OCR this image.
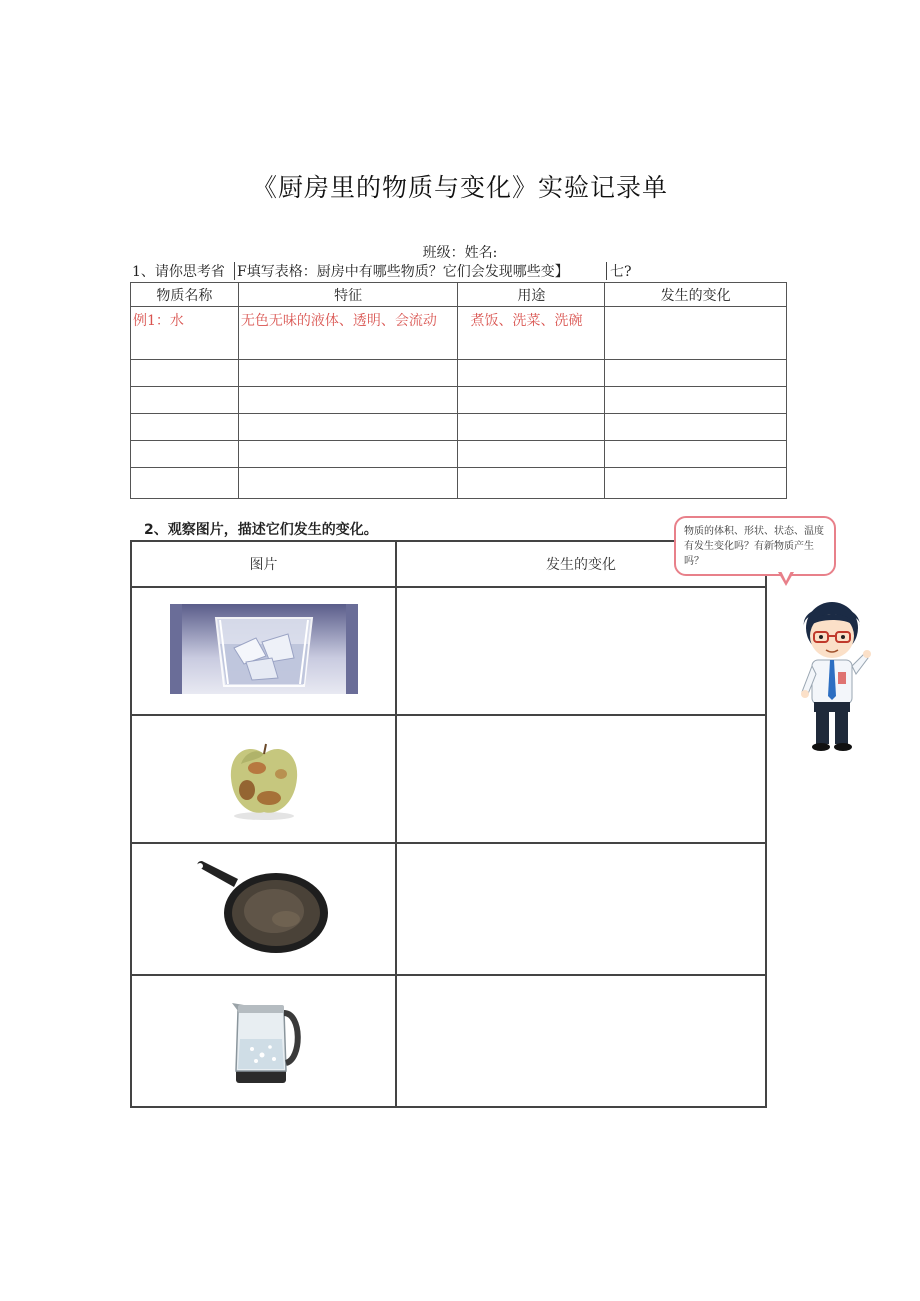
《厨房里的物质与变化》实验记录单
班级：姓名:
1、请你思考省 F填写表格：厨房中有哪些物质？它们会发现哪些变】	七?
物质名称	特征	用途	发生的变化
例1：水	无色无味的液体、透明、会流动	煮饭、洗菜、洗碗	

2、观察图片，描述它们发生的变化。
图片	发生的变化

物质的体积、形状、状态、温度有发生变化吗？有新物质产生吗？
